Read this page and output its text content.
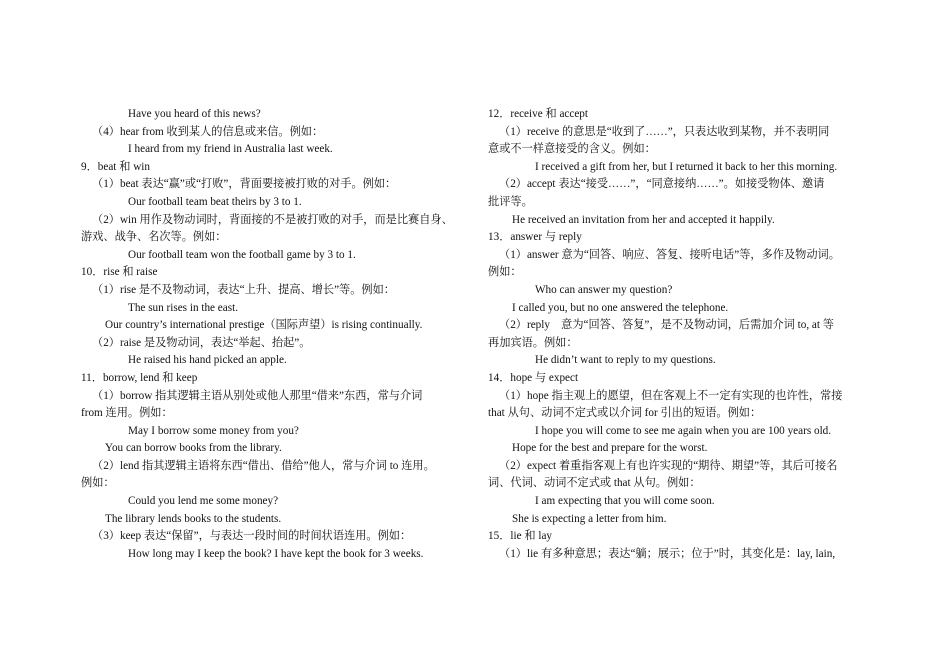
Have you heard of this news?
（4）hear from 收到某人的信息或来信。例如：
I heard from my friend in Australia last week.
9．beat 和 win
（1）beat 表达“赢”或“打败”，背面要接被打败的对手。例如：
Our football team beat theirs by 3 to 1.
（2）win 用作及物动词时，背面接的不是被打败的对手，而是比赛自身、
游戏、战争、名次等。例如：
Our football team won the football game by 3 to 1.
10．rise 和 raise
（1）rise 是不及物动词，表达“上升、提高、增长”等。例如：
The sun rises in the east.
Our country’s international prestige（国际声望）is rising continually.
（2）raise 是及物动词，表达“举起、抬起”。
He raised his hand picked an apple.
11．borrow, lend 和 keep
（1）borrow 指其逻辑主语从别处或他人那里“借来”东西，常与介词
from 连用。例如：
May I borrow some money from you?
You can borrow books from the library.
（2）lend 指其逻辑主语将东西“借出、借给”他人，常与介词 to 连用。
例如：
Could you lend me some money?
The library lends books to the students.
（3）keep 表达“保留”，与表达一段时间的时间状语连用。例如：
How long may I keep the book? I have kept the book for 3 weeks.
12．receive 和 accept
（1）receive 的意思是“收到了……”，只表达收到某物，并不表明同
意或不一样意接受的含义。例如：
I received a gift from her, but I returned it back to her this morning.
（2）accept 表达“接受……”，“同意接纳……”。如接受物体、邀请
批评等。
He received an invitation from her and accepted it happily.
13．answer 与 reply
（1）answer 意为“回答、响应、答复、接听电话”等，多作及物动词。
例如：
Who can answer my question?
I called you, but no one answered the telephone.
（2）reply　意为“回答、答复”，是不及物动词，后需加介词 to, at 等
再加宾语。例如：
He didn’t want to reply to my questions.
14．hope 与 expect
（1）hope 指主观上的愿望，但在客观上不一定有实现的也许性，常接
that 从句、动词不定式或以介词 for 引出的短语。例如：
I hope you will come to see me again when you are 100 years old.
Hope for the best and prepare for the worst.
（2）expect 着重指客观上有也许实现的“期待、期望”等，其后可接名
词、代词、动词不定式或 that 从句。例如：
I am expecting that you will come soon.
She is expecting a letter from him.
15．lie 和 lay
（1）lie 有多种意思；表达“躺；展示；位于”时，其变化是：lay, lain,
